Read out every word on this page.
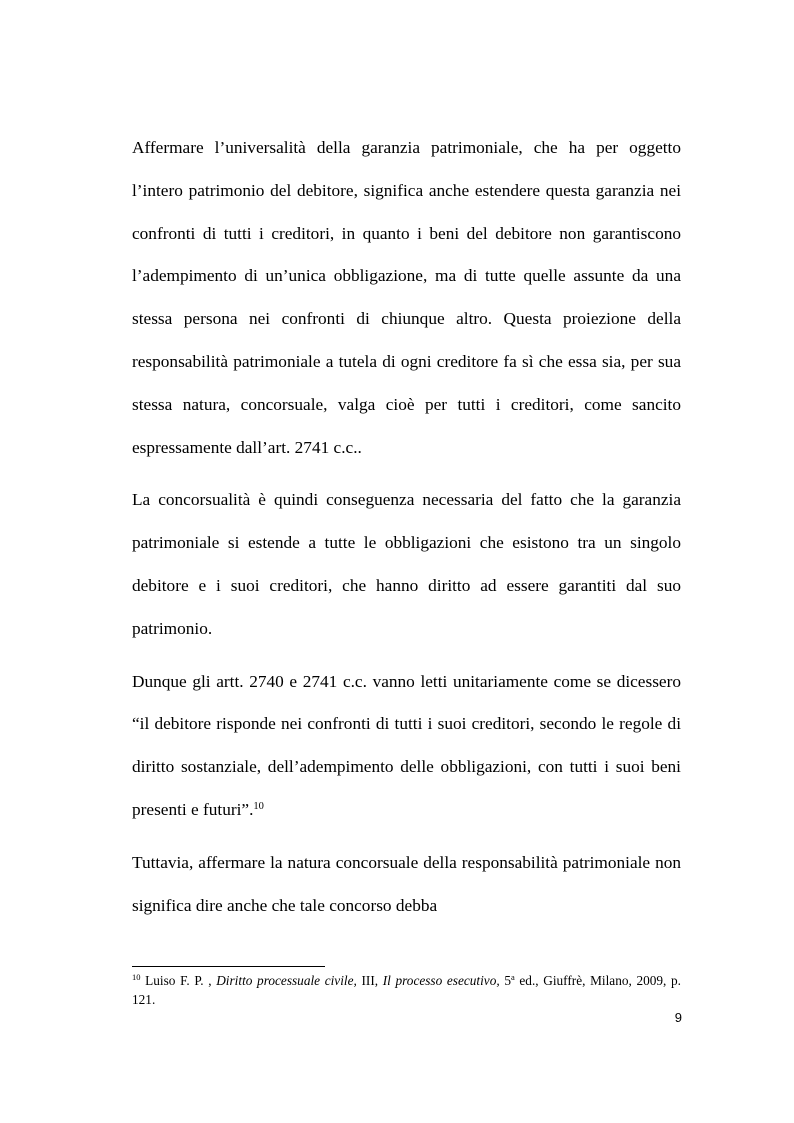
Affermare l’universalità della garanzia patrimoniale, che ha per oggetto l’intero patrimonio del debitore, significa anche estendere questa garanzia nei confronti di tutti i creditori, in quanto i beni del debitore non garantiscono l’adempimento di un’unica obbligazione, ma di tutte quelle assunte da una stessa persona nei confronti di chiunque altro. Questa proiezione della responsabilità patrimoniale a tutela di ogni creditore fa sì che essa sia, per sua stessa natura, concorsuale, valga cioè per tutti i creditori, come sancito espressamente dall’art. 2741 c.c..

La concorsualità è quindi conseguenza necessaria del fatto che la garanzia patrimoniale si estende a tutte le obbligazioni che esistono tra un singolo debitore e i suoi creditori, che hanno diritto ad essere garantiti dal suo patrimonio.

Dunque gli artt. 2740 e 2741 c.c. vanno letti unitariamente come se dicessero “il debitore risponde nei confronti di tutti i suoi creditori, secondo le regole di diritto sostanziale, dell’adempimento delle obbligazioni, con tutti i suoi beni presenti e futuri”.$^{10}$

Tuttavia, affermare la natura concorsuale della responsabilità patrimoniale non significa dire anche che tale concorso debba

$^{10}$ Luiso F. P. , Diritto processuale civile, III, Il processo esecutivo, 5$^a$ ed., Giuffrè, Milano, 2009, p. 121.

9
